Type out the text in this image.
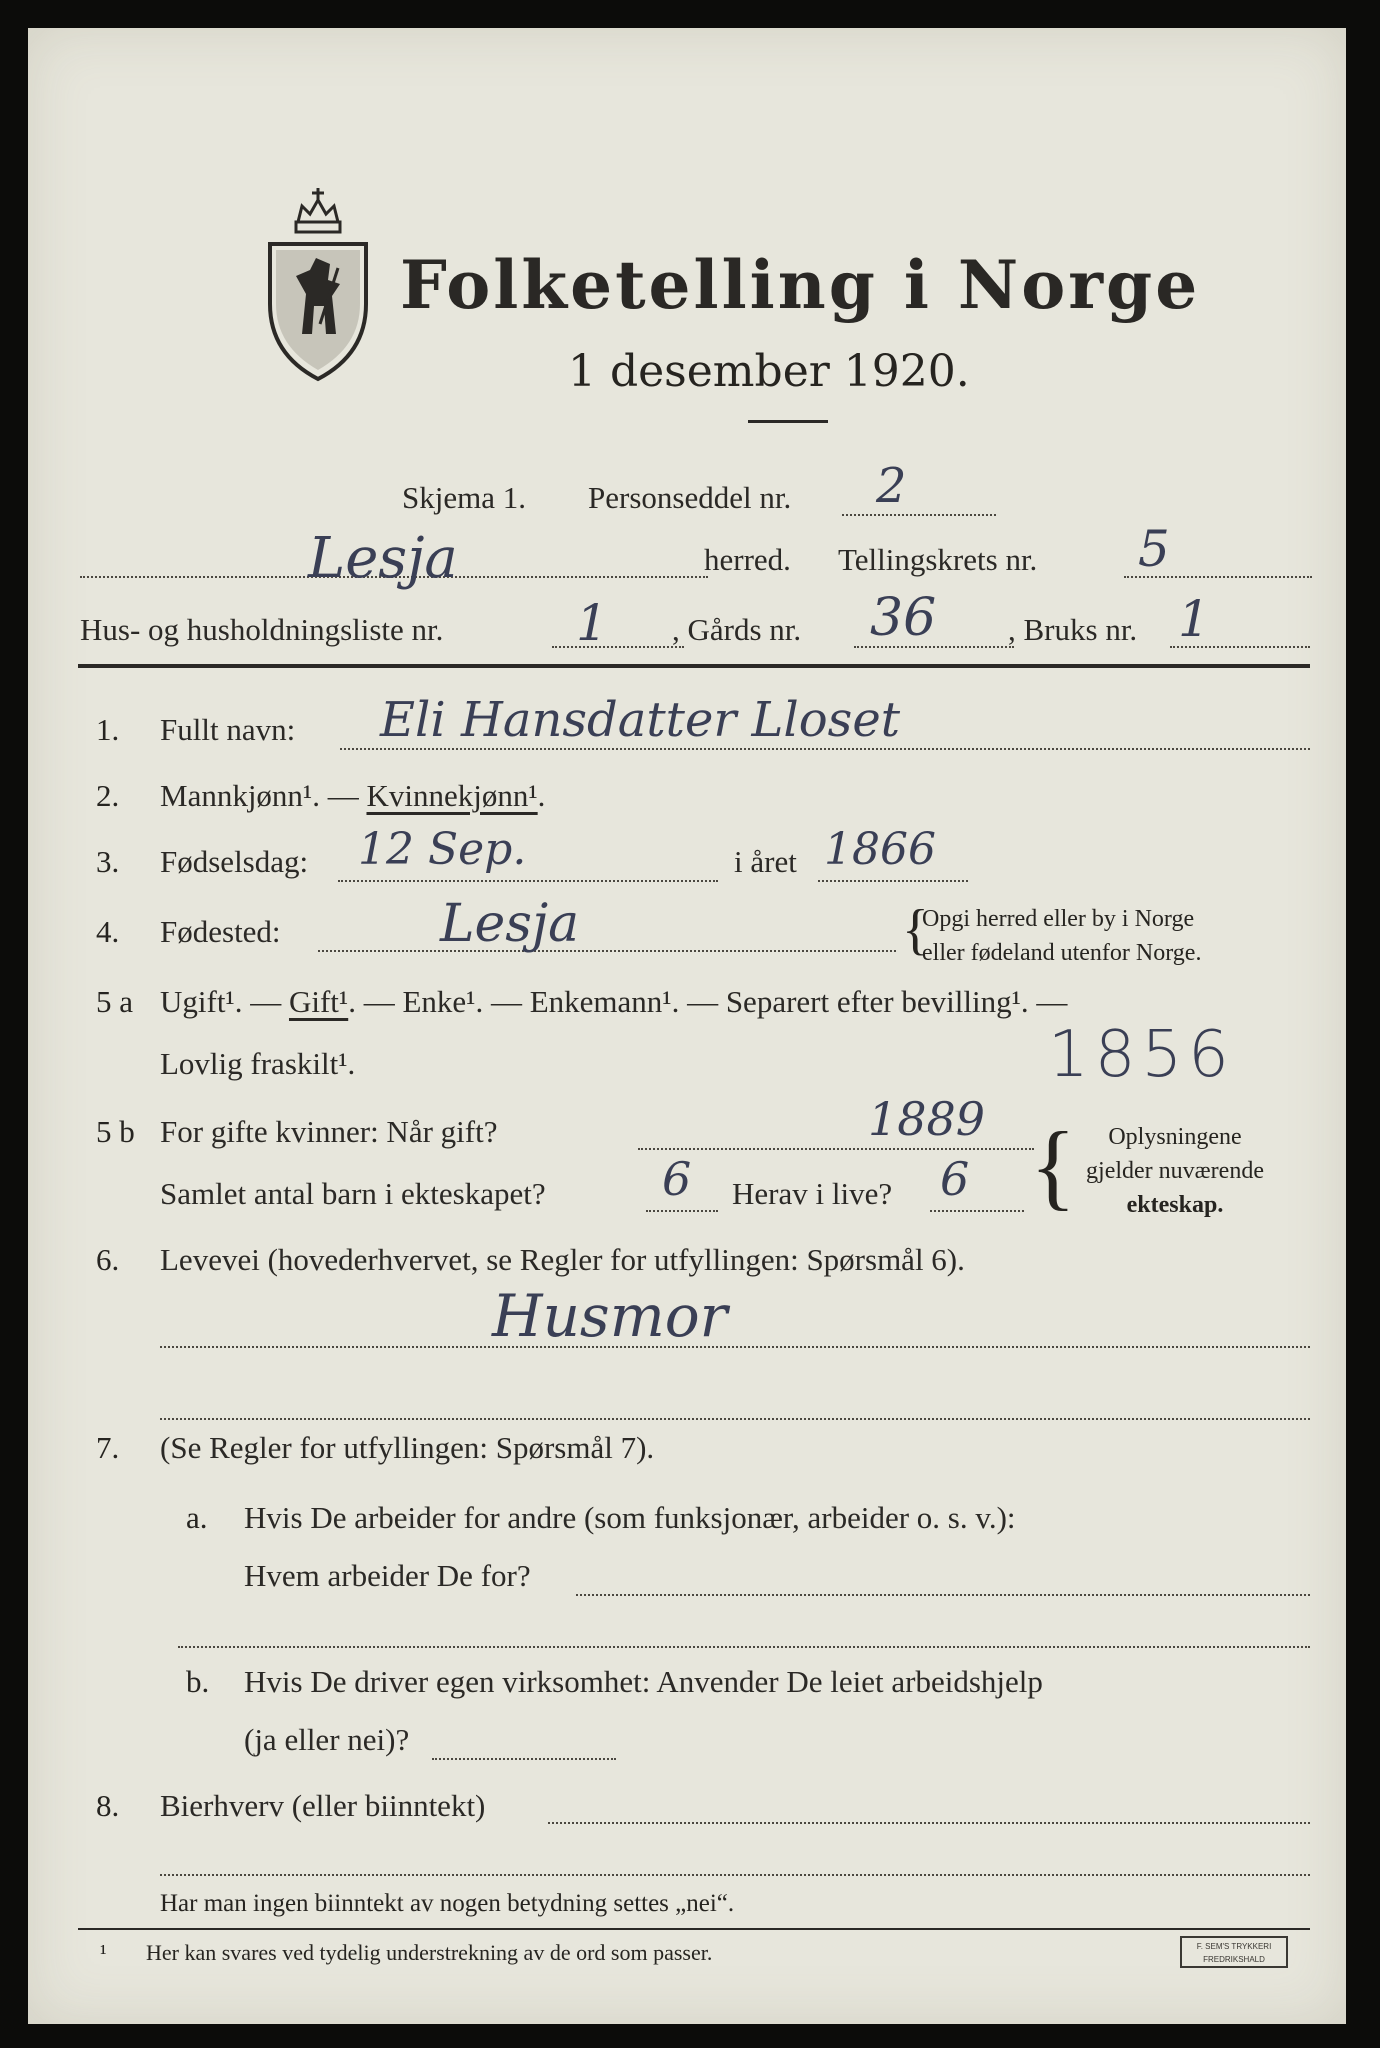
Folketelling i Norge
1 desember 1920.
Skjema 1. Personseddel nr. 2
Lesja	herred. Tellingskrets nr. 5
Hus- og husholdningsliste nr.	1 , Gårds nr. 36 , Bruks nr. 1
1. Fullt navn: Eli Hansdatter Lloset
2. Mannkjønn¹. — Kvinnekjønn¹.
3. Fødselsdag: 12 Sep.	i året 1866
4. Fødested:	Lesja	{
Opgi herred eller by i Norge
eller fødeland utenfor Norge.
5 a Ugift¹. — Gift¹. — Enke¹. — Enkemann¹. — Separert efter bevilling¹. —
Lovlig fraskilt¹.	1856
5 b For gifte kvinner: Når gift?	1889
Samlet antal barn i ekteskapet?	6 Herav i live? 6 {	Oplysningene
gjelder nuværende
ekteskap.
6. Levevei (hovederhvervet, se Regler for utfyllingen: Spørsmål 6).
Husmor
7. (Se Regler for utfyllingen: Spørsmål 7).
a. Hvis De arbeider for andre (som funksjonær, arbeider o. s. v.):
Hvem arbeider De for?
b. Hvis De driver egen virksomhet: Anvender De leiet arbeidshjelp
(ja eller nei)?
8. Bierhverv (eller biinntekt)
Har man ingen biinntekt av nogen betydning settes „nei“.
¹ Her kan svares ved tydelig understrekning av de ord som passer.	F. SEM'S TRYKKERI
FREDRIKSHALD
